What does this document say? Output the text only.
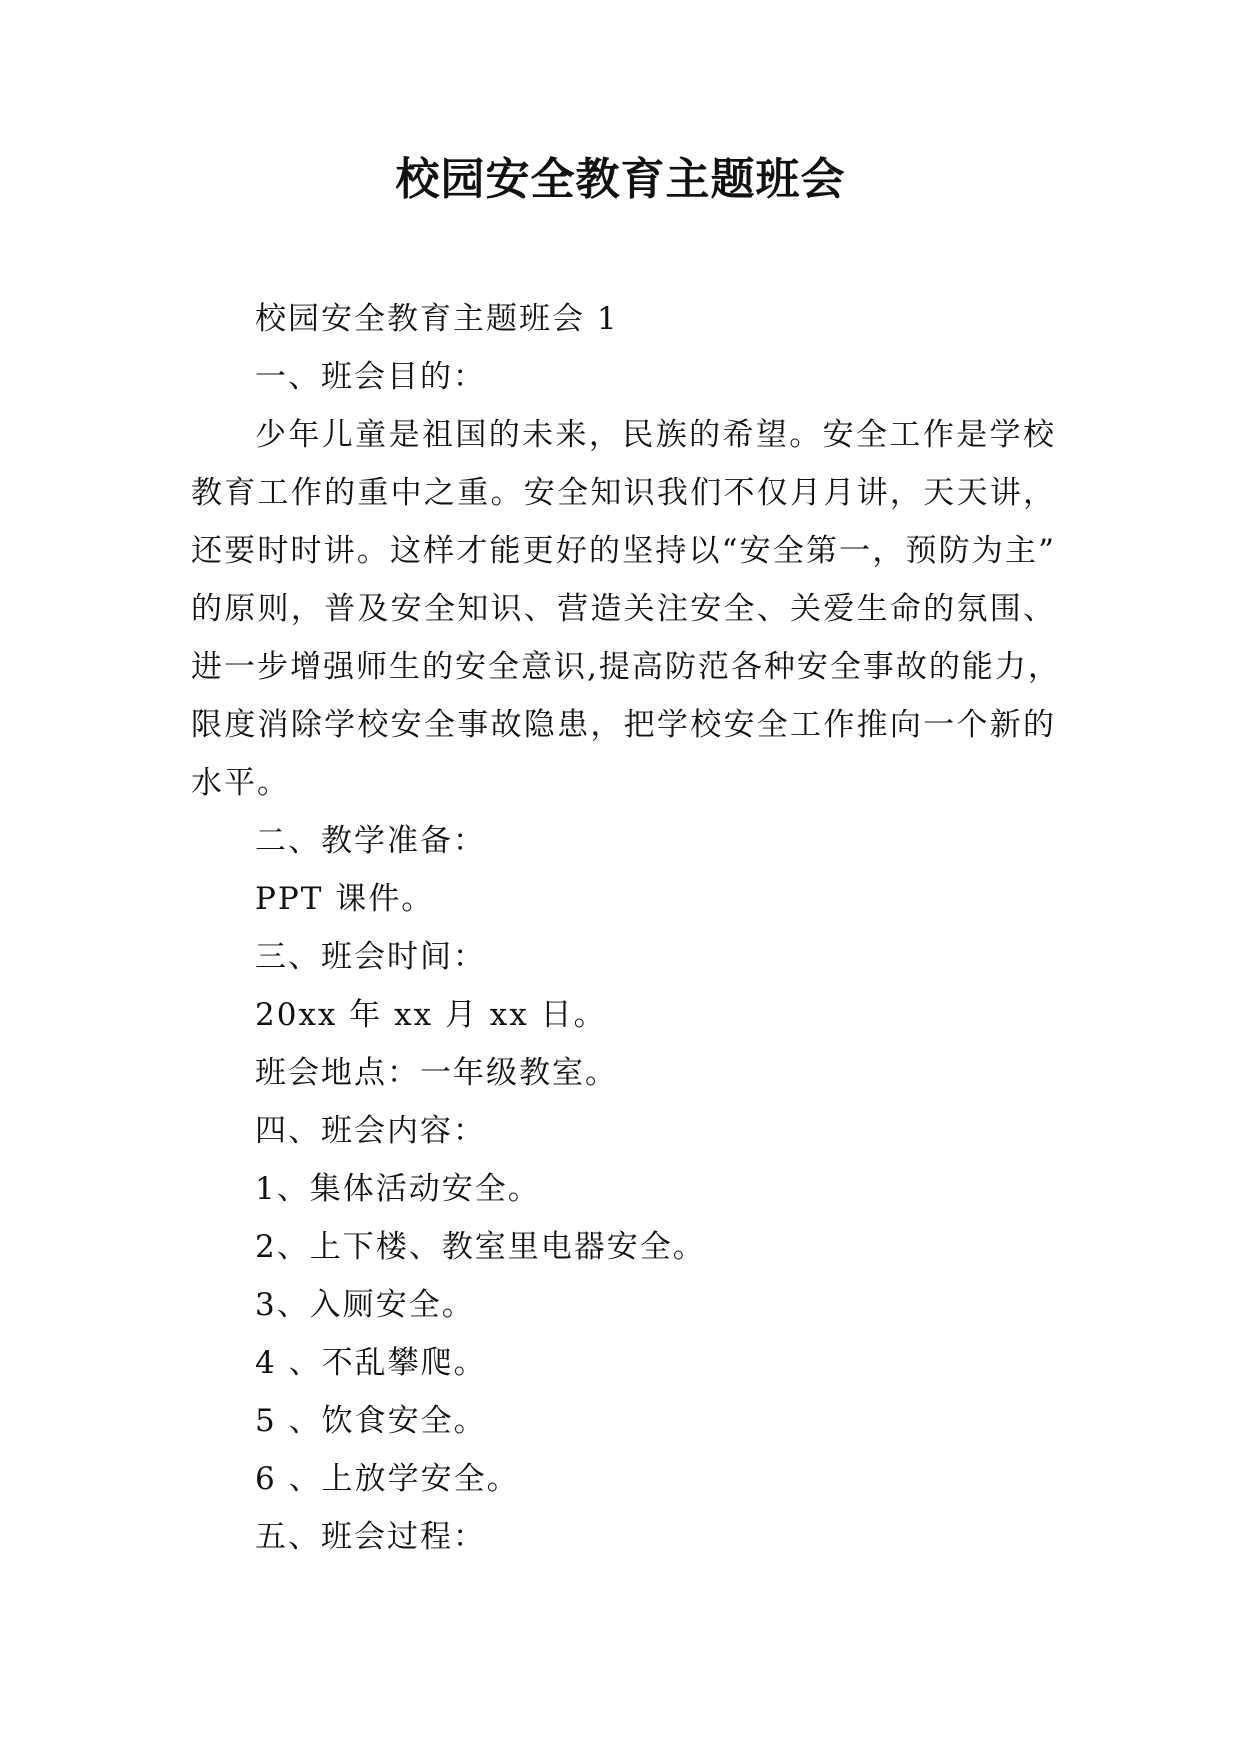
校园安全教育主题班会
校园安全教育主题班会 1
一、班会目的：
少年儿童是祖国的未来，民族的希望。安全工作是学校
教育工作的重中之重。安全知识我们不仅月月讲，天天讲，
还要时时讲。这样才能更好的坚持以“安全第一，预防为主”
的原则，普及安全知识、营造关注安全、关爱生命的氛围、
进一步增强师生的安全意识,提高防范各种安全事故的能力，
限度消除学校安全事故隐患，把学校安全工作推向一个新的
水平。
二、教学准备：
PPT 课件。
三、班会时间：
20xx 年 xx 月 xx 日。
班会地点：一年级教室。
四、班会内容：
1、集体活动安全。
2、上下楼、教室里电器安全。
3、入厕安全。
4 、不乱攀爬。
5 、饮食安全。
6 、上放学安全。
五、班会过程：
